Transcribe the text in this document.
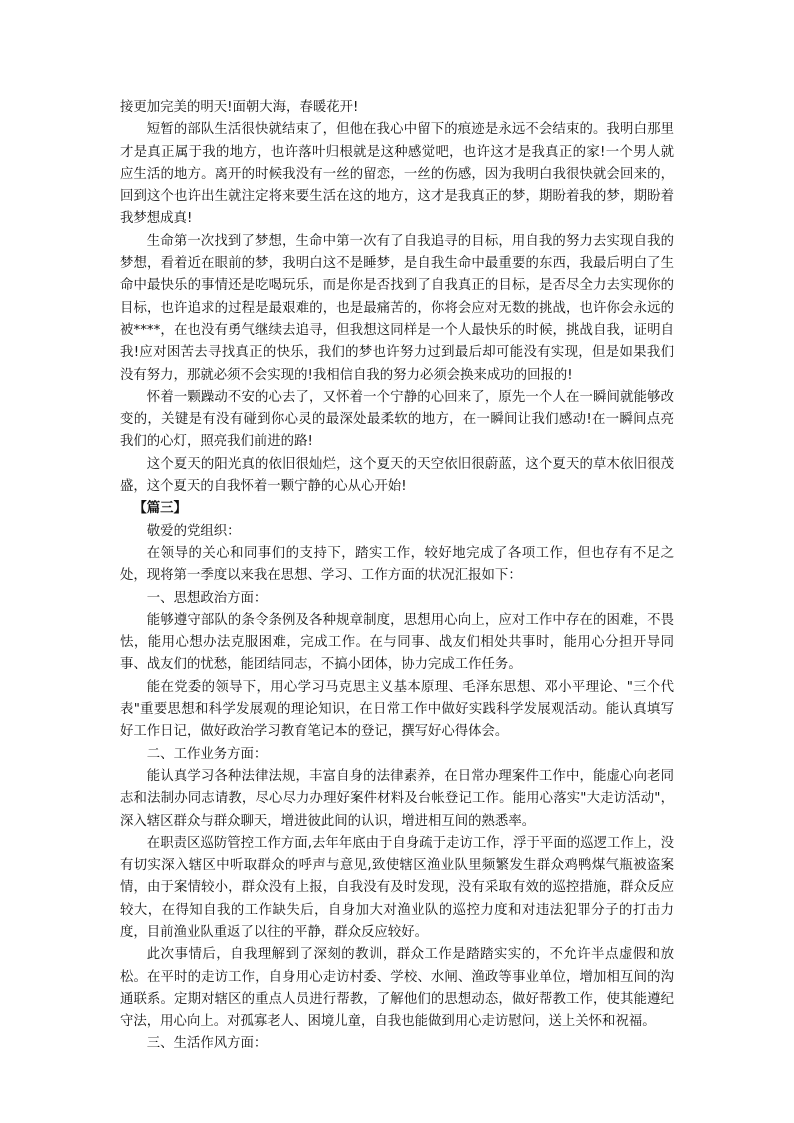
接更加完美的明天!面朝大海，春暖花开!

短暂的部队生活很快就结束了，但他在我心中留下的痕迹是永远不会结束的。我明白那里才是真正属于我的地方，也许落叶归根就是这种感觉吧，也许这才是我真正的家!一个男人就应生活的地方。离开的时候我没有一丝的留恋，一丝的伤感，因为我明白我很快就会回来的，回到这个也许出生就注定将来要生活在这的地方，这才是我真正的梦，期盼着我的梦，期盼着我梦想成真!

生命第一次找到了梦想，生命中第一次有了自我追寻的目标，用自我的努力去实现自我的梦想，看着近在眼前的梦，我明白这不是睡梦，是自我生命中最重要的东西，我最后明白了生命中最快乐的事情还是吃喝玩乐，而是你是否找到了自我真正的目标，是否尽全力去实现你的目标，也许追求的过程是最艰难的，也是最痛苦的，你将会应对无数的挑战，也许你会永远的被****，在也没有勇气继续去追寻，但我想这同样是一个人最快乐的时候，挑战自我，证明自我!应对困苦去寻找真正的快乐，我们的梦也许努力过到最后却可能没有实现，但是如果我们没有努力，那就必须不会实现的!我相信自我的努力必须会换来成功的回报的!

怀着一颗躁动不安的心去了，又怀着一个宁静的心回来了，原先一个人在一瞬间就能够改变的，关键是有没有碰到你心灵的最深处最柔软的地方，在一瞬间让我们感动!在一瞬间点亮我们的心灯，照亮我们前进的路!

这个夏天的阳光真的依旧很灿烂，这个夏天的天空依旧很蔚蓝，这个夏天的草木依旧很茂盛，这个夏天的自我怀着一颗宁静的心从心开始!

【篇三】

敬爱的党组织：

在领导的关心和同事们的支持下，踏实工作，较好地完成了各项工作，但也存有不足之处，现将第一季度以来我在思想、学习、工作方面的状况汇报如下：

一、思想政治方面：

能够遵守部队的条令条例及各种规章制度，思想用心向上，应对工作中存在的困难，不畏怯，能用心想办法克服困难，完成工作。在与同事、战友们相处共事时，能用心分担开导同事、战友们的忧愁，能团结同志，不搞小团体，协力完成工作任务。

能在党委的领导下，用心学习马克思主义基本原理、毛泽东思想、邓小平理论、"三个代表"重要思想和科学发展观的理论知识，在日常工作中做好实践科学发展观活动。能认真填写好工作日记，做好政治学习教育笔记本的登记，撰写好心得体会。

二、工作业务方面：

能认真学习各种法律法规，丰富自身的法律素养，在日常办理案件工作中，能虚心向老同志和法制办同志请教，尽心尽力办理好案件材料及台帐登记工作。能用心落实"大走访活动"，深入辖区群众与群众聊天，增进彼此间的认识，增进相互间的熟悉率。

在职责区巡防管控工作方面,去年年底由于自身疏于走访工作，浮于平面的巡逻工作上，没有切实深入辖区中听取群众的呼声与意见,致使辖区渔业队里频繁发生群众鸡鸭煤气瓶被盗案情，由于案情较小，群众没有上报，自我没有及时发现，没有采取有效的巡控措施，群众反应较大，在得知自我的工作缺失后，自身加大对渔业队的巡控力度和对违法犯罪分子的打击力度，目前渔业队重返了以往的平静，群众反应较好。

此次事情后，自我理解到了深刻的教训，群众工作是踏踏实实的，不允许半点虚假和放松。在平时的走访工作，自身用心走访村委、学校、水闸、渔政等事业单位，增加相互间的沟通联系。定期对辖区的重点人员进行帮教，了解他们的思想动态，做好帮教工作，使其能遵纪守法，用心向上。对孤寡老人、困境儿童，自我也能做到用心走访慰问，送上关怀和祝福。

三、生活作风方面：
